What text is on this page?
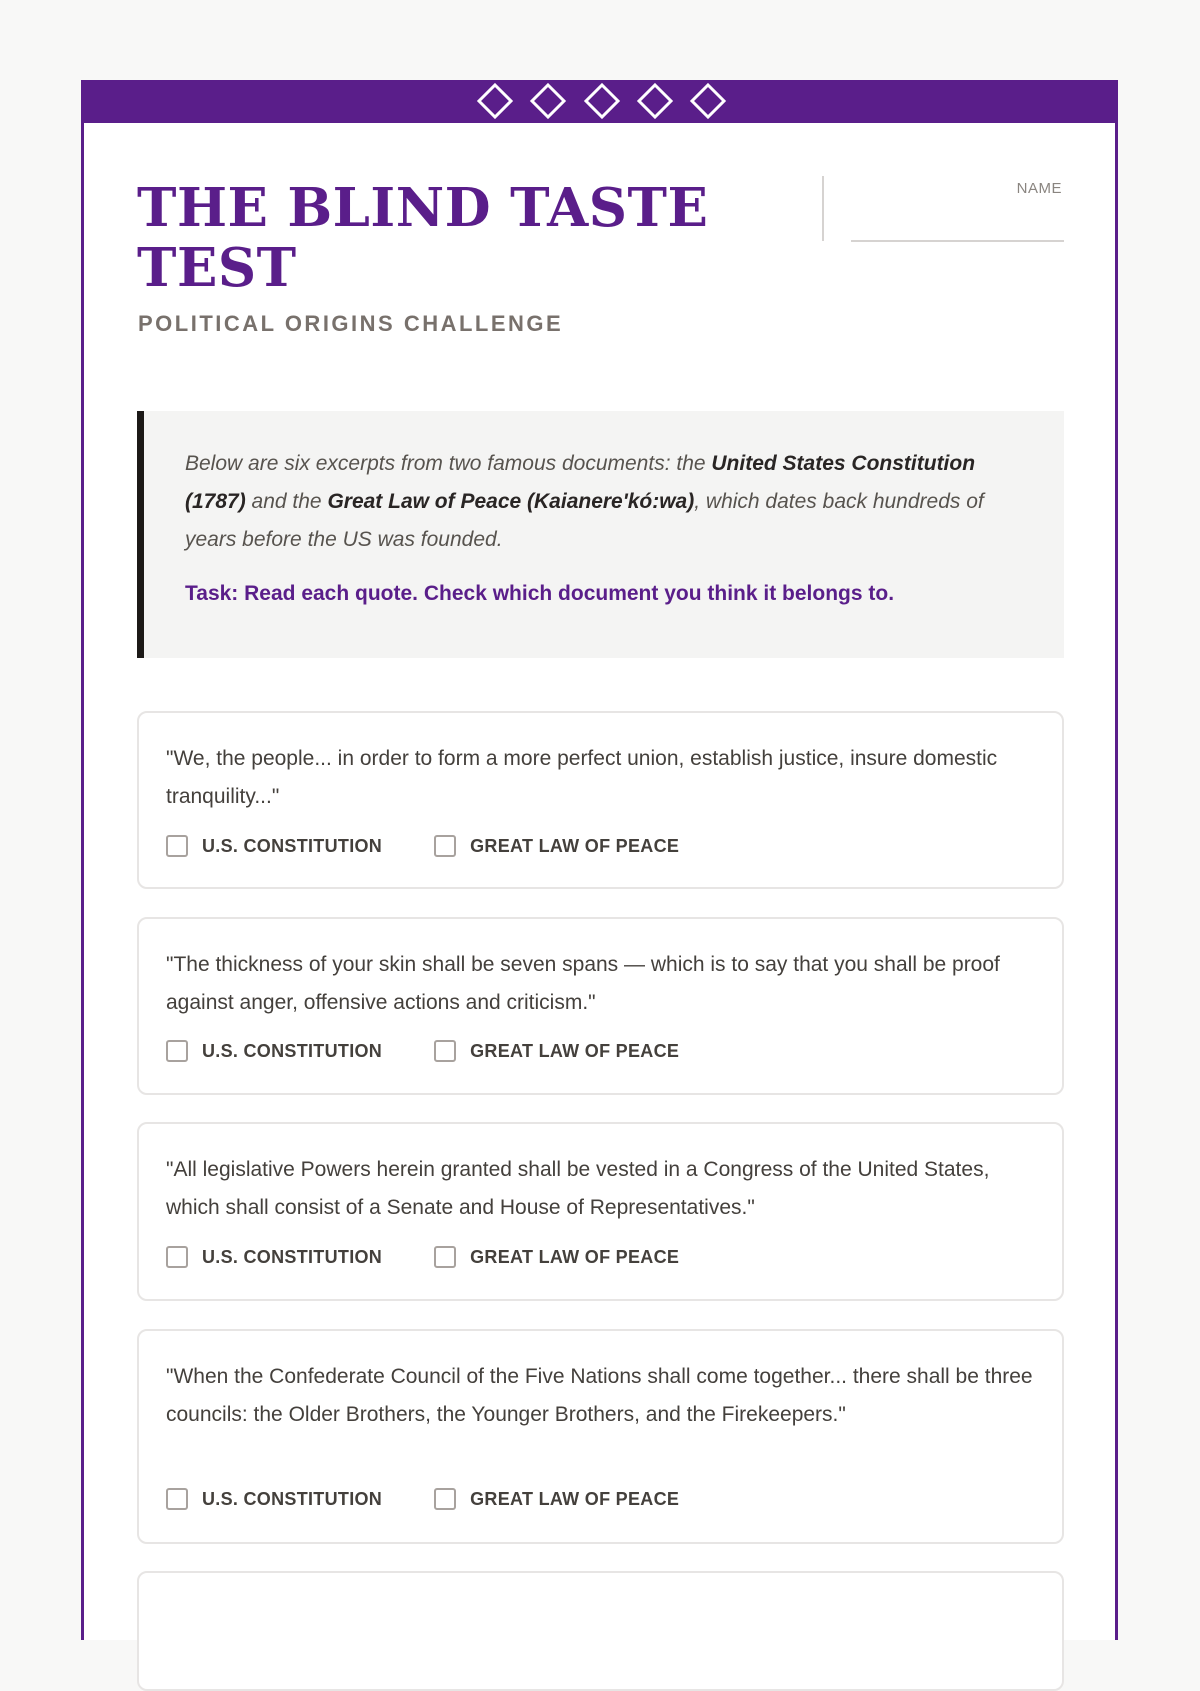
THE BLIND TASTE TEST
POLITICAL ORIGINS CHALLENGE
NAME

Below are six excerpts from two famous documents: the United States Constitution (1787) and the Great Law of Peace (Kaianere'kó:wa), which dates back hundreds of years before the US was founded.

Task: Read each quote. Check which document you think it belongs to.

"We, the people... in order to form a more perfect union, establish justice, insure domestic tranquility..."

U.S. CONSTITUTION	GREAT LAW OF PEACE

"The thickness of your skin shall be seven spans — which is to say that you shall be proof against anger, offensive actions and criticism."

U.S. CONSTITUTION	GREAT LAW OF PEACE

"All legislative Powers herein granted shall be vested in a Congress of the United States, which shall consist of a Senate and House of Representatives."

U.S. CONSTITUTION	GREAT LAW OF PEACE

"When the Confederate Council of the Five Nations shall come together... there shall be three councils: the Older Brothers, the Younger Brothers, and the Firekeepers."

U.S. CONSTITUTION	GREAT LAW OF PEACE
